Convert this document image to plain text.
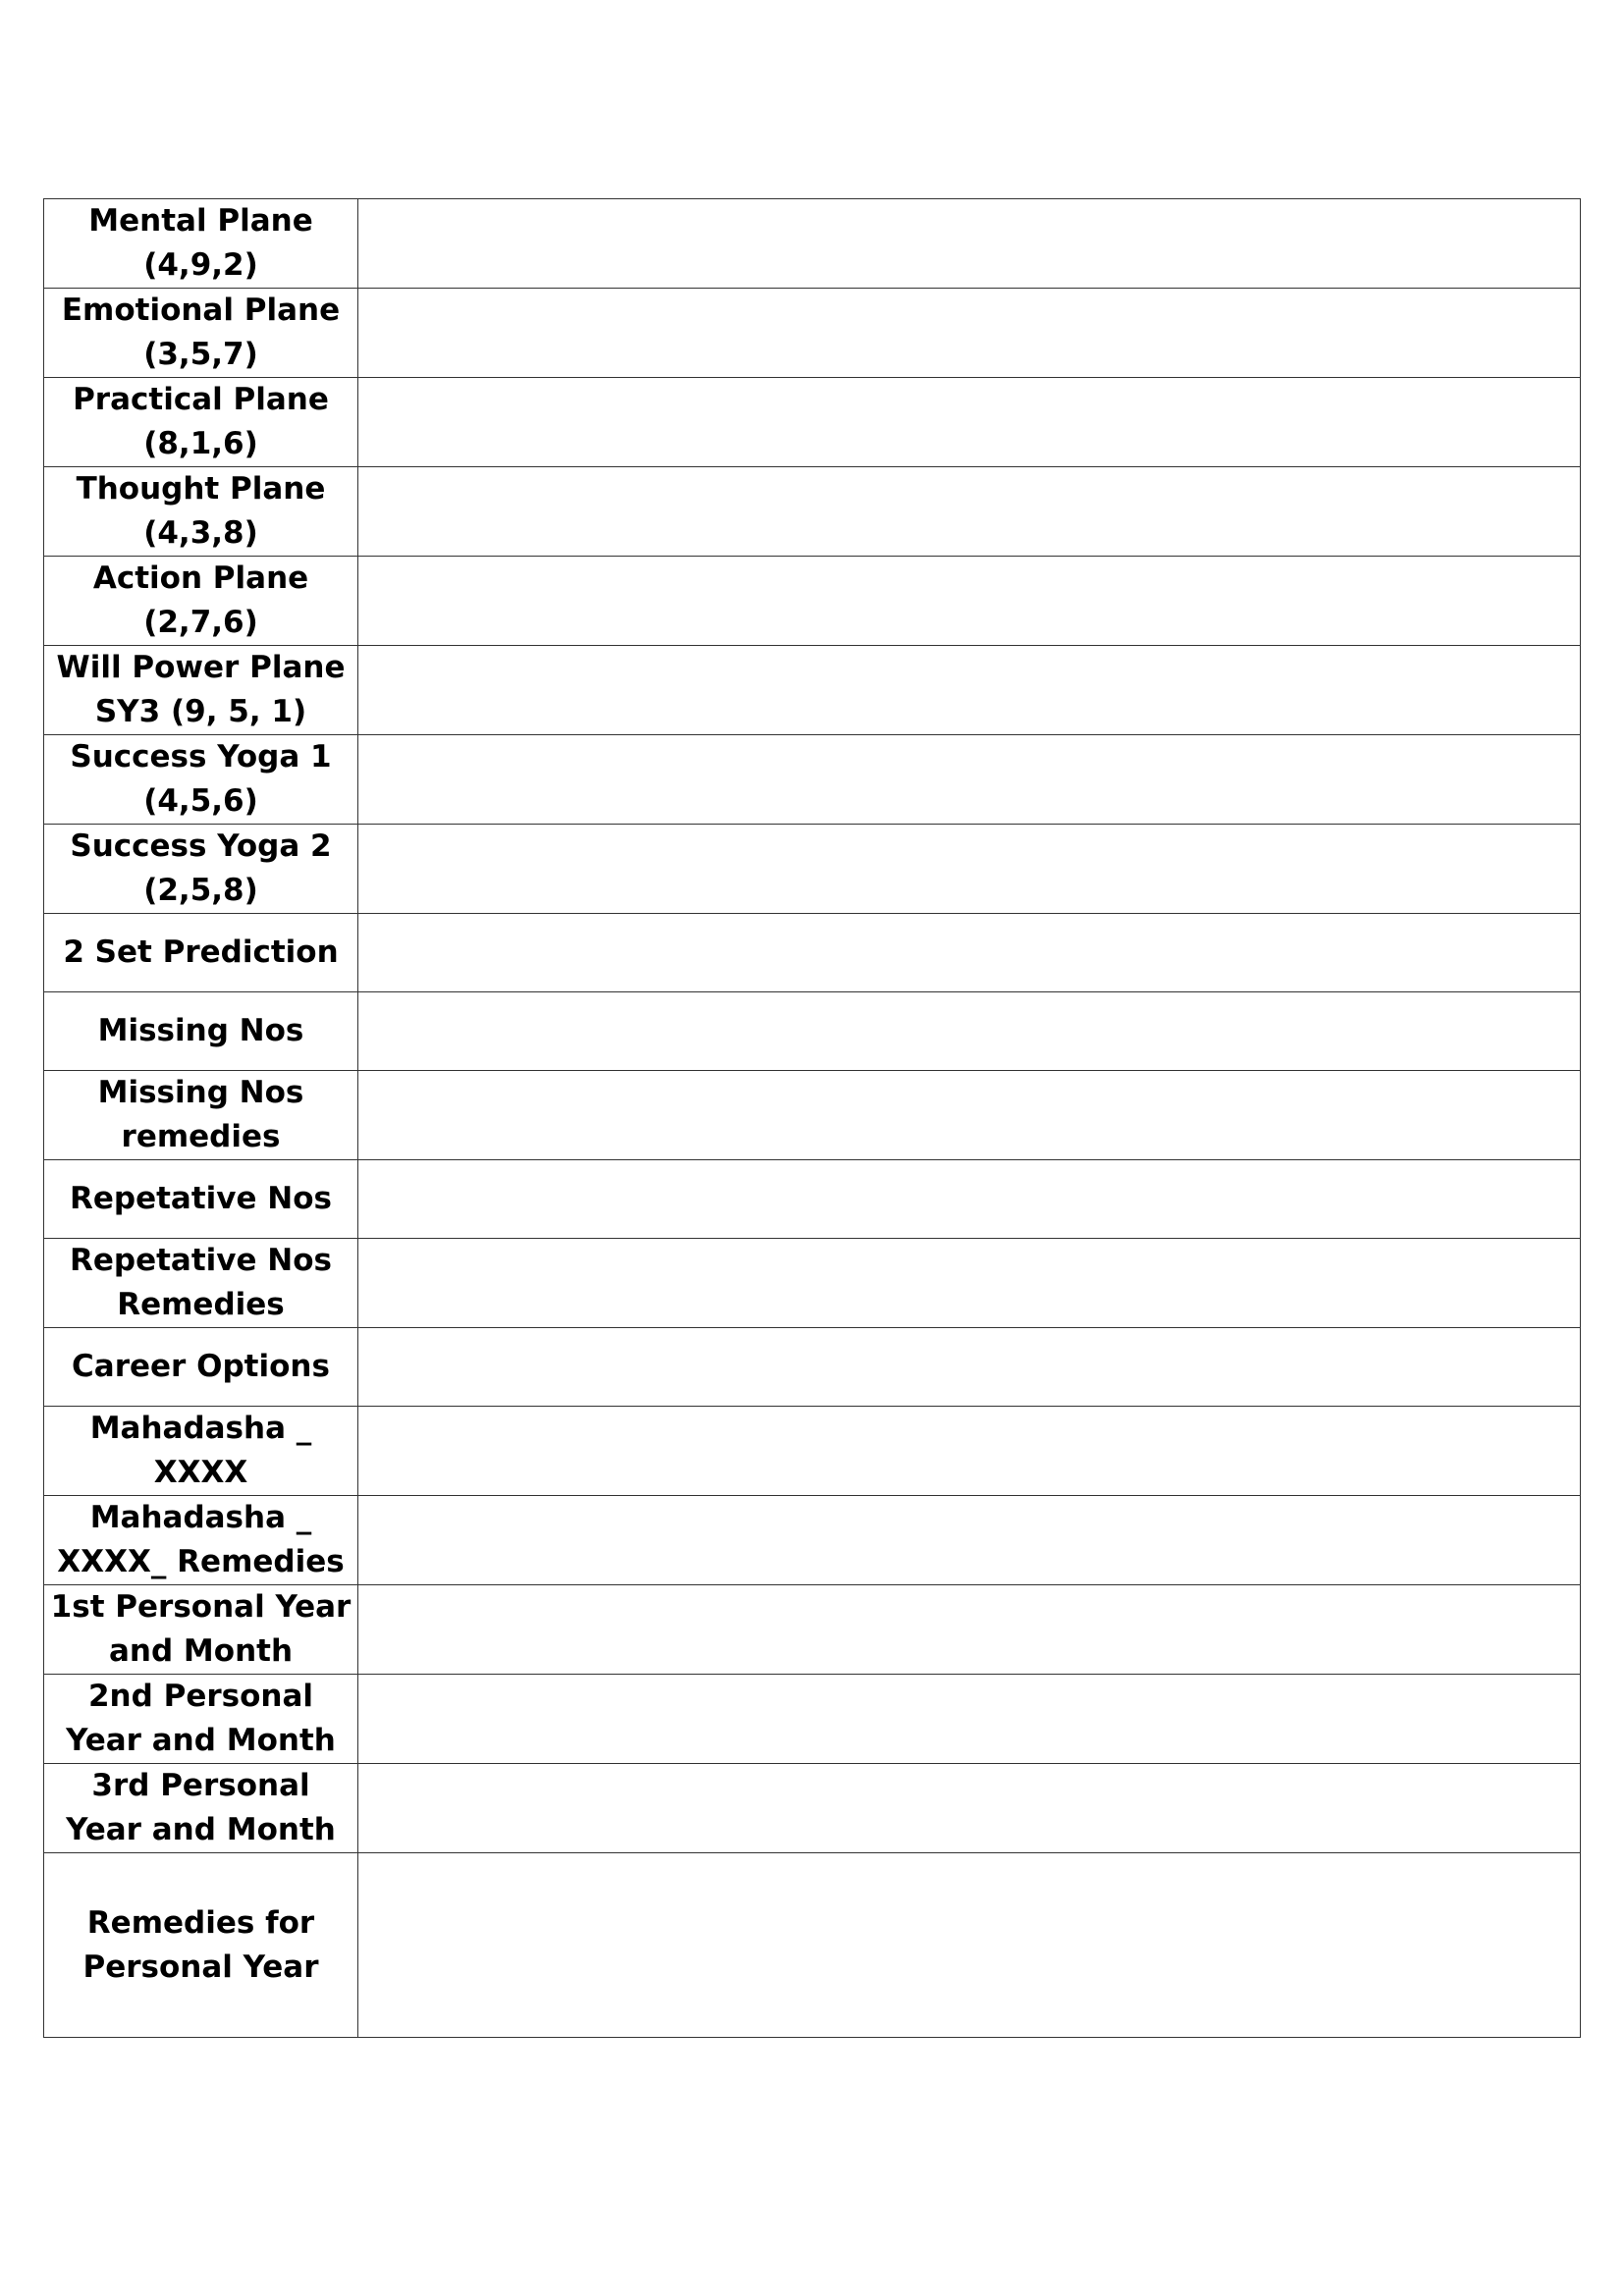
Mental Plane
(4,9,2)	

Emotional Plane
(3,5,7)	

Practical Plane
(8,1,6)	

Thought Plane
(4,3,8)	

Action Plane
(2,7,6)	

Will Power Plane
SY3 (9, 5, 1)	

Success Yoga 1
(4,5,6)	

Success Yoga 2
(2,5,8)	

2 Set Prediction	

Missing Nos	

Missing Nos
remedies	

Repetative Nos	

Repetative Nos
Remedies	

Career Options	

Mahadasha _
XXXX	

Mahadasha _
XXXX_ Remedies	

1st Personal Year
and Month	

2nd Personal
Year and Month	

3rd Personal
Year and Month	

Remedies for
Personal Year	
